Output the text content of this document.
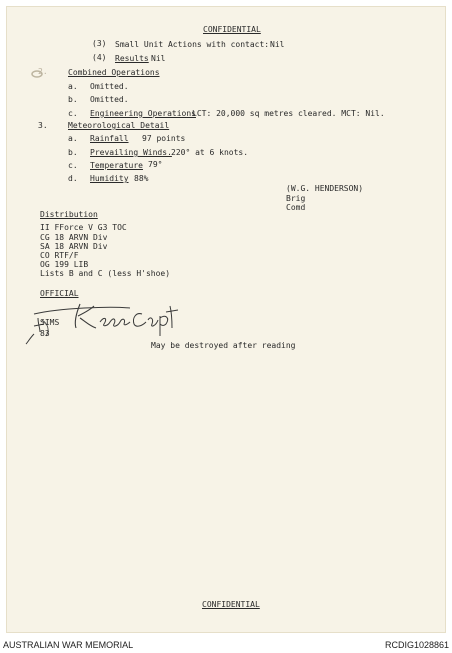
CONFIDENTIAL
(3) Small Unit Actions with contact: Nil
(4) Results Nil
2.	Combined Operations
a. Omitted.
b. Omitted.
c. Engineering Operations
LCT: 20,000 sq metres cleared. MCT: Nil.
3.	Meteorological Detail
a. Rainfall 97 points
b. Prevailing Winds. 220° at 6 knots.
c. Temperature 79°
d. Humidity 88%
(W.G. HENDERSON)
Brig
Comd
Distribution
II FForce V G3 TOC
CG 18 ARVN Div
SA 18 ARVN Div
CO RTF/F
OG 199 LIB
Lists B and C (less H'shoe)
OFFICIAL
SIMS
83
May be destroyed after reading
CONFIDENTIAL
AUSTRALIAN WAR MEMORIAL	RCDIG1028861
